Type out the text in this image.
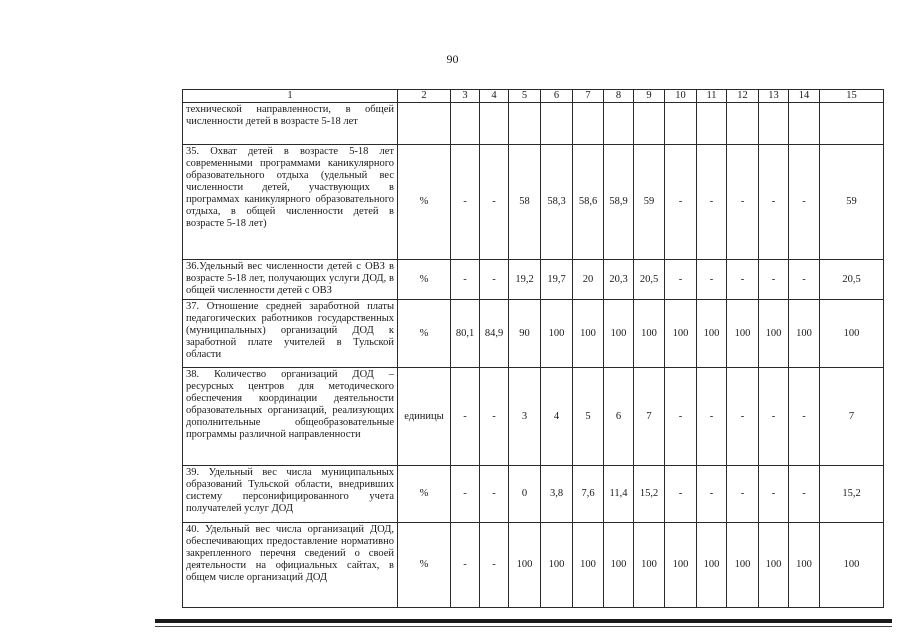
90
1	2	3	4	5	6	7	8	9	10	11	12	13	14	15
технической направленности, в общей численности детей в возрасте 5-18 лет														
35. Охват детей в возрасте 5-18 лет современными программами каникулярного образовательного отдыха (удельный вес численности детей, участвующих в программах каникулярного образовательного отдыха, в общей численности детей в возрасте 5-18 лет)	%	-	-	58	58,3	58,6	58,9	59	-	-	-	-	-	59
36.Удельный вес численности детей с ОВЗ в возрасте 5-18 лет, получающих услуги ДОД, в общей численности детей с ОВЗ	%	-	-	19,2	19,7	20	20,3	20,5	-	-	-	-	-	20,5
37. Отношение средней заработной платы педагогических работников государственных (муниципальных) организаций ДОД к заработной плате учителей в Тульской области	%	80,1	84,9	90	100	100	100	100	100	100	100	100	100	100
38. Количество организаций ДОД – ресурсных центров для методического обеспечения координации деятельности образовательных организаций, реализующих дополнительные общеобразовательные программы различной направленности	единицы	-	-	3	4	5	6	7	-	-	-	-	-	7
39. Удельный вес числа муниципальных образований Тульской области, внедривших систему персонифицированного учета получателей услуг ДОД	%	-	-	0	3,8	7,6	11,4	15,2	-	-	-	-	-	15,2
40. Удельный вес числа организаций ДОД, обеспечивающих предоставление нормативно закрепленного перечня сведений о своей деятельности на официальных сайтах, в общем числе организаций ДОД	%	-	-	100	100	100	100	100	100	100	100	100	100	100
